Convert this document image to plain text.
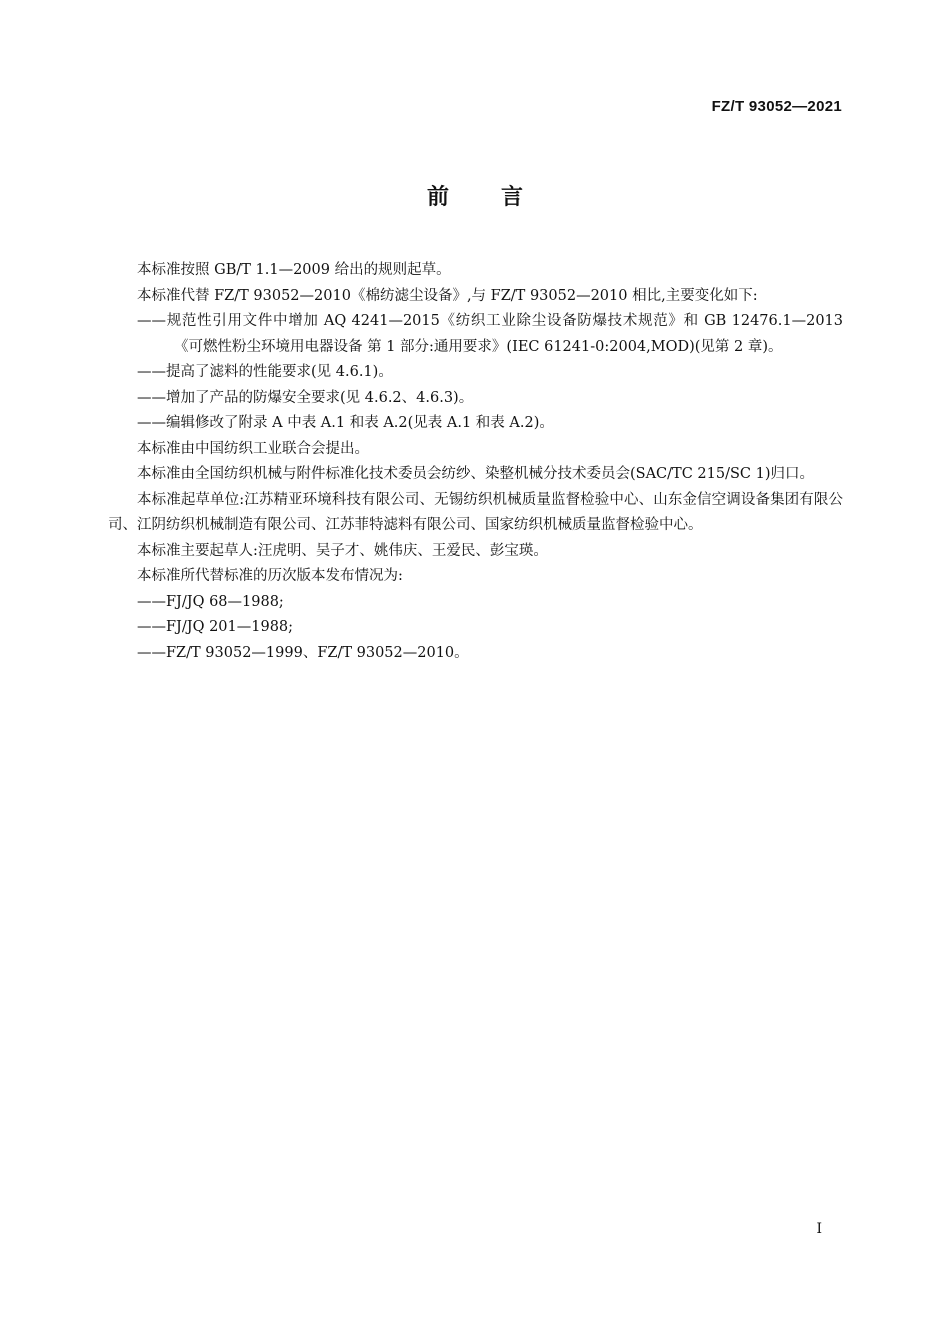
FZ/T 93052—2021
前言

本标准按照 GB/T 1.1—2009 给出的规则起草。

本标准代替 FZ/T 93052—2010《棉纺滤尘设备》,与 FZ/T 93052—2010 相比,主要变化如下:

——规范性引用文件中增加 AQ 4241—2015《纺织工业除尘设备防爆技术规范》和 GB 12476.1—2013《可燃性粉尘环境用电器设备 第 1 部分:通用要求》(IEC 61241-0:2004,MOD)(见第 2 章)。

——提高了滤料的性能要求(见 4.6.1)。

——增加了产品的防爆安全要求(见 4.6.2、4.6.3)。

——编辑修改了附录 A 中表 A.1 和表 A.2(见表 A.1 和表 A.2)。

本标准由中国纺织工业联合会提出。

本标准由全国纺织机械与附件标准化技术委员会纺纱、染整机械分技术委员会(SAC/TC 215/SC 1)归口。

本标准起草单位:江苏精亚环境科技有限公司、无锡纺织机械质量监督检验中心、山东金信空调设备集团有限公司、江阴纺织机械制造有限公司、江苏菲特滤料有限公司、国家纺织机械质量监督检验中心。

本标准主要起草人:汪虎明、吴子才、姚伟庆、王爱民、彭宝瑛。

本标准所代替标准的历次版本发布情况为:

——FJ/JQ 68—1988;

——FJ/JQ 201—1988;

——FZ/T 93052—1999、FZ/T 93052—2010。

I
